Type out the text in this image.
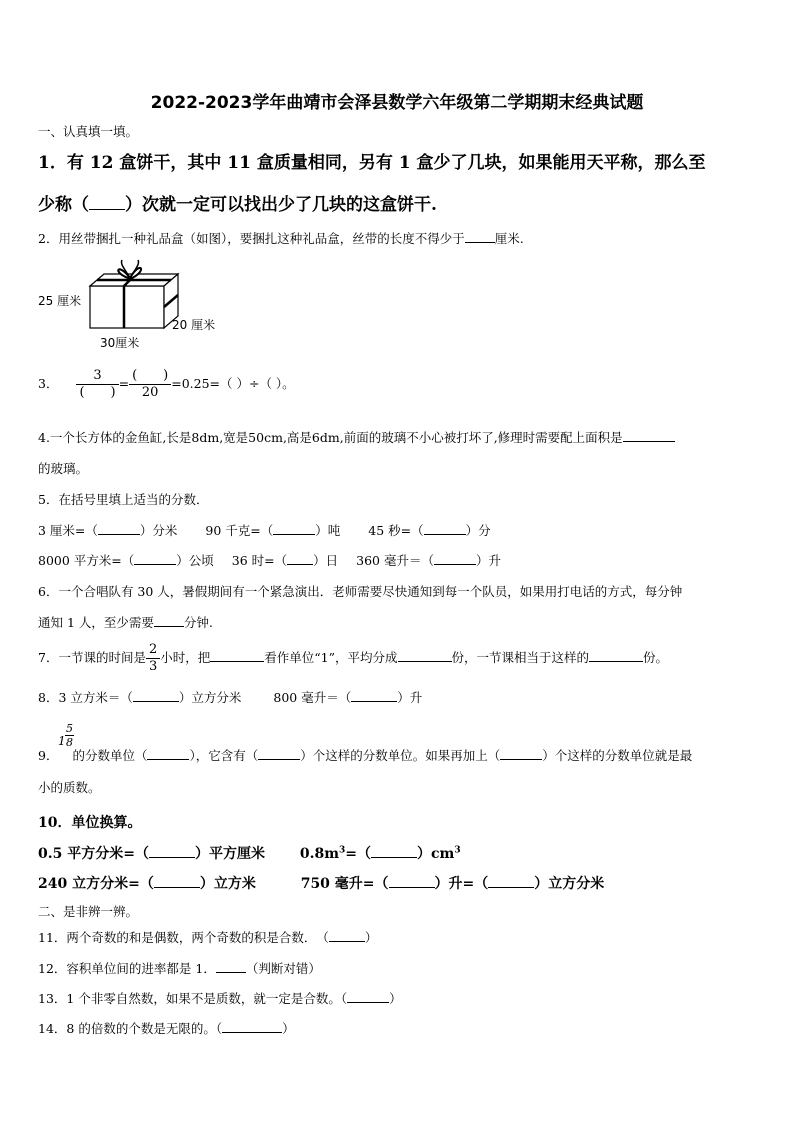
2022-2023学年曲靖市会泽县数学六年级第二学期期末经典试题
一、认真填一填。
1．有 12 盒饼干，其中 11 盒质量相同，另有 1 盒少了几块，如果能用天平称，那么至
少称（ ）次就一定可以找出少了几块的这盒饼干.
2．用丝带捆扎一种礼品盒（如图），要捆扎这种礼品盒，丝带的长度不得少于 厘米.
25 厘米
20 厘米
30厘米
3． $\frac{3}{( )} = \frac{( )}{20} =0.25=$（ ）÷（ ）。
4.一个长方体的金鱼缸,长是8dm,宽是50cm,高是6dm,前面的玻璃不小心被打坏了,修理时需要配上面积是
的玻璃。
5．在括号里填上适当的分数．
3 厘米=（	）分米 90 千克=（	）吨 45 秒=（	）分
8000 平方米=（	）公顷 36 时=（ ）日 360 毫升＝（	）升
6．一个合唱队有 30 人，暑假期间有一个紧急演出．老师需要尽快通知到每一个队员，如果用打电话的方式，每分钟
通知 1 人，至少需要 分钟.
7．一节课的时间是 $\frac{2}{3}$ 小时，把	看作单位“1”，平均分成	份，一节课相当于这样的	份。
8．3 立方米＝（	）立方分米	800 毫升＝（	）升
$1 \frac{5}{8}$
9． 的分数单位（	），它含有（	）个这样的分数单位。如果再加上（	）个这样的分数单位就是最
小的质数。
10．单位换算。
0.5 平方分米=（	）平方厘米 $0.8m^3=$（	）$cm^3$
240 立方分米=（	）立方米	750 毫升=（	）升=（	）立方分米
二、是非辨一辨。
11．两个奇数的和是偶数，两个奇数的积是合数．　（	）
12．容积单位间的进率都是 1． （判断对错）
13．1 个非零自然数，如果不是质数，就一定是合数。（	）
14．8 的倍数的个数是无限的。（	）
